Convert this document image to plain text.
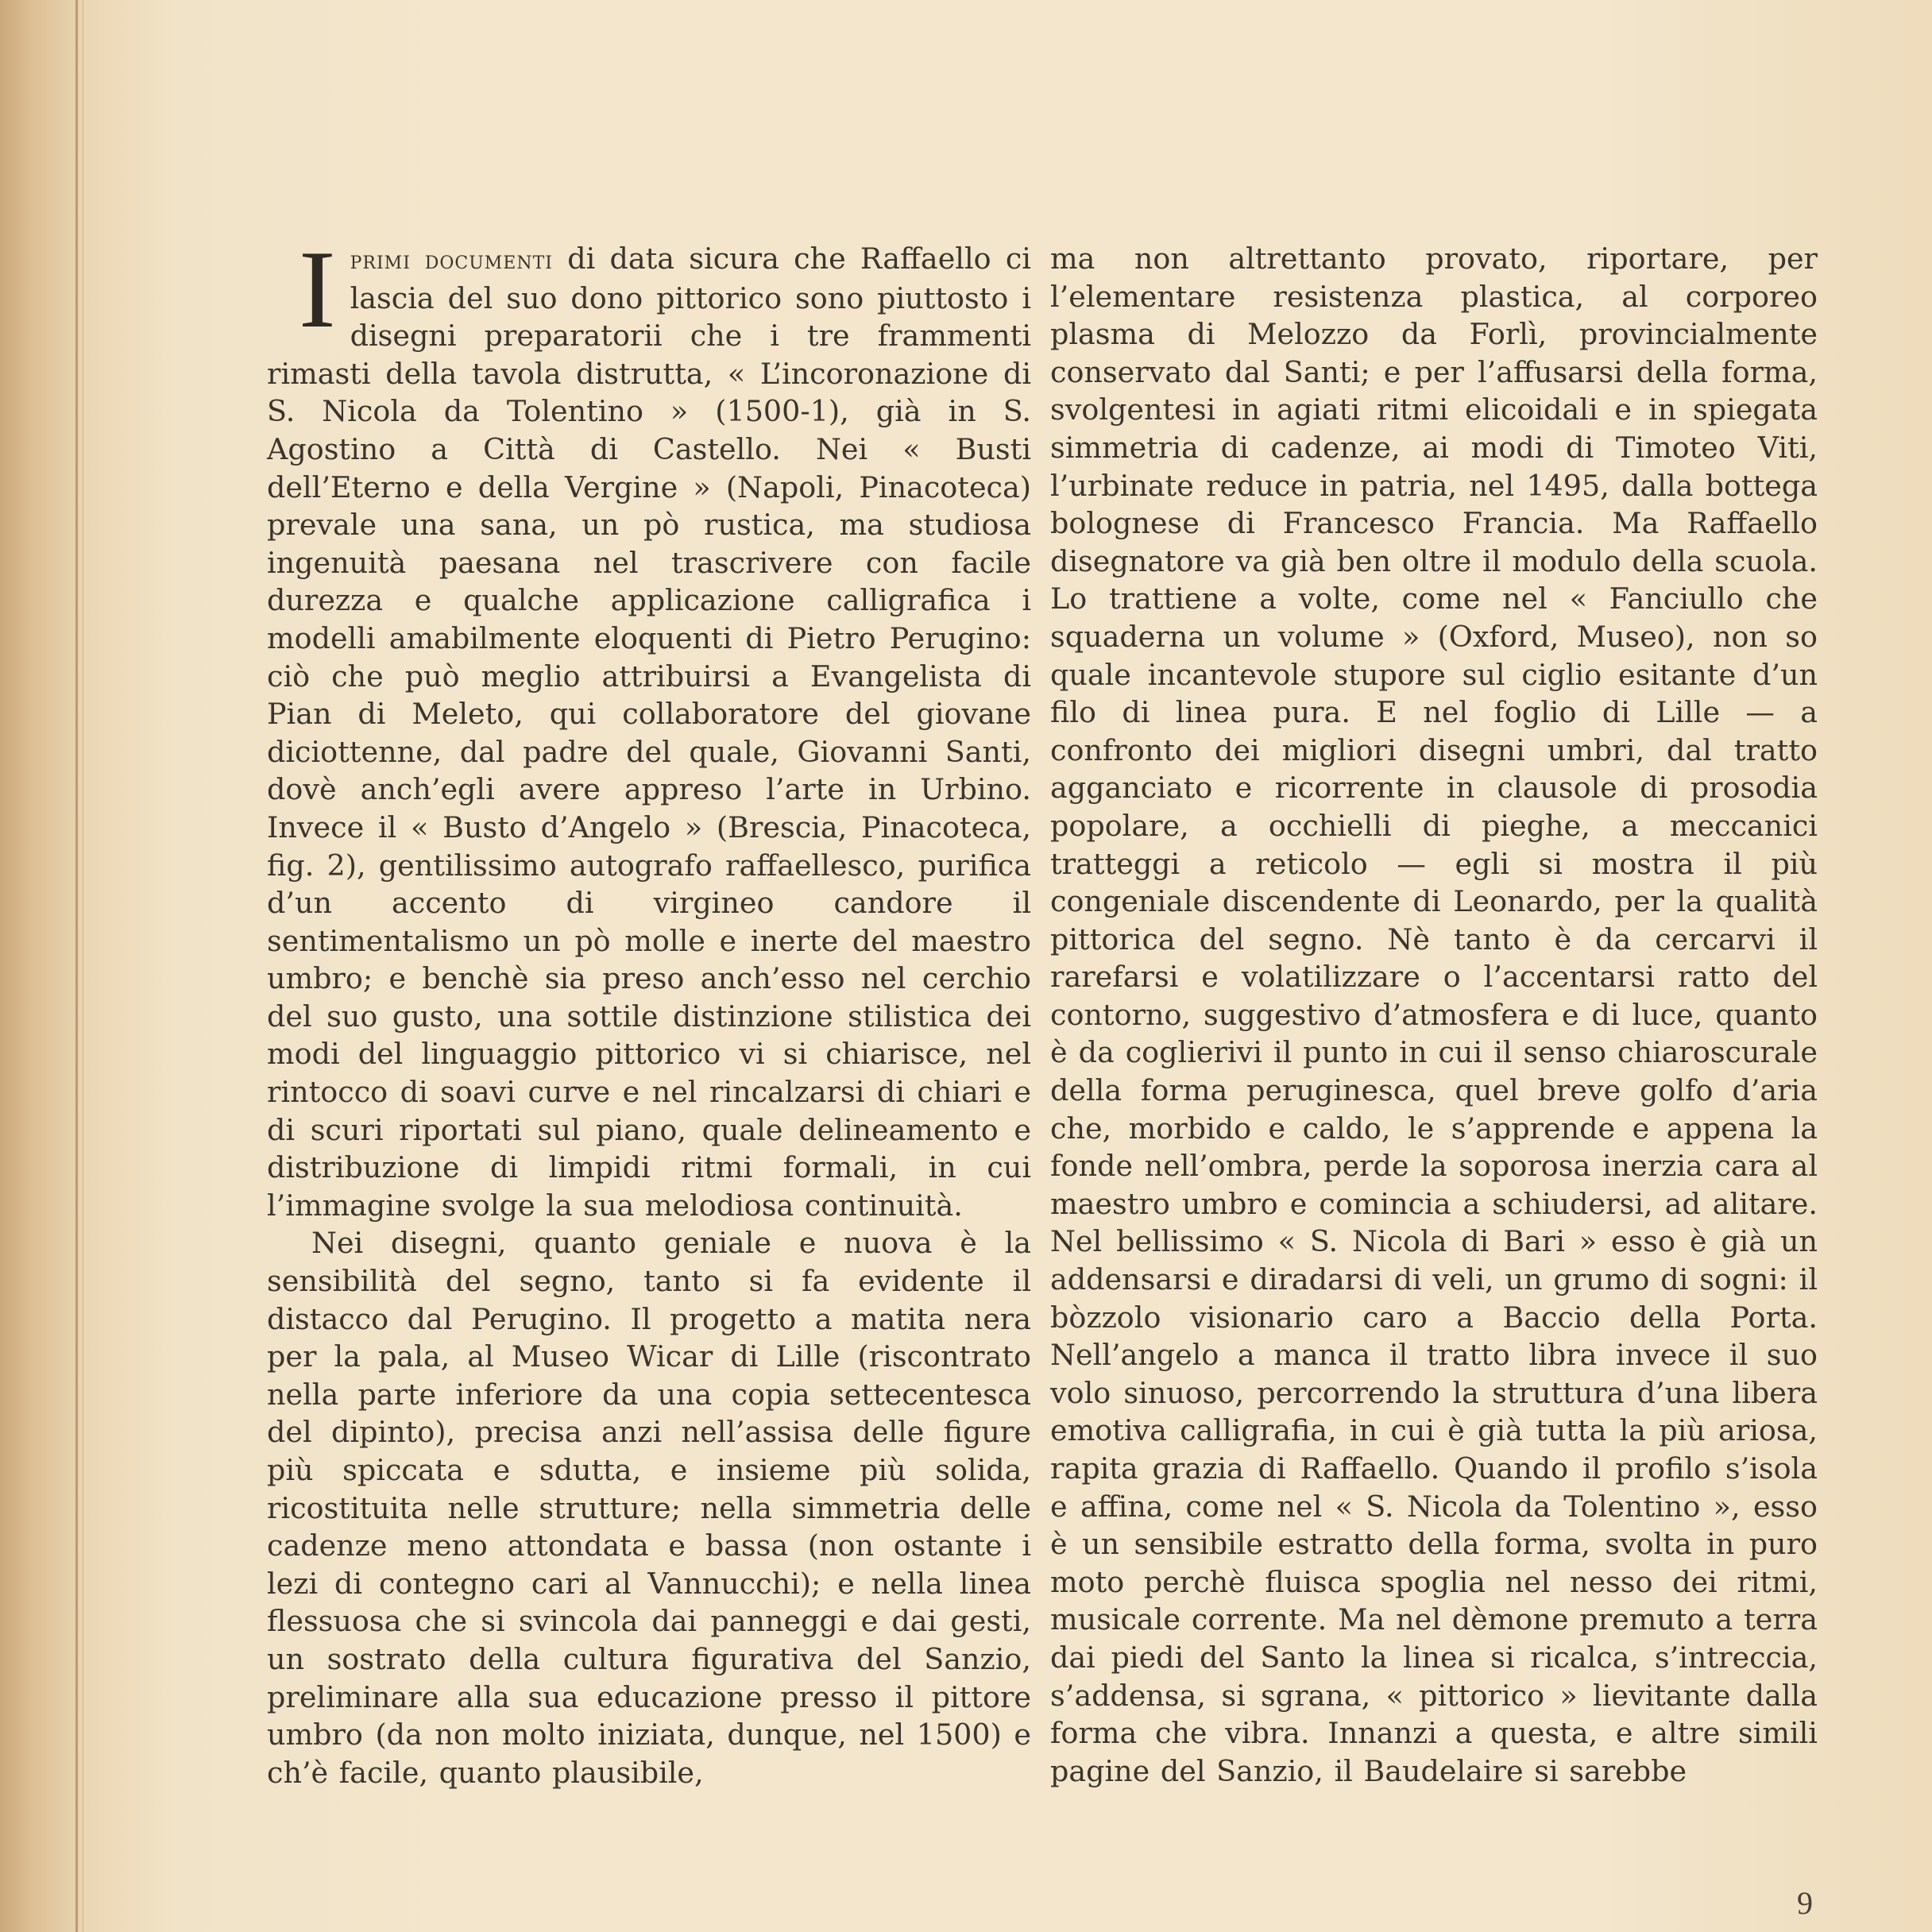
Iprimi documenti di data sicura che Raffaello ci lascia del suo dono pittorico sono piuttosto i disegni preparatorii che i tre frammenti rimasti della tavola distrutta, « L’incoronazione di S. Nicola da Tolentino » (1500-1), già in S. Agostino a Città di Castello. Nei « Busti dell’Eterno e della Vergine » (Napoli, Pinacoteca) prevale una sana, un pò rustica, ma studiosa ingenuità paesana nel trascrivere con facile durezza e qualche applicazione calligrafica i modelli amabilmente eloquenti di Pietro Perugino: ciò che può meglio attribuirsi a Evangelista di Pian di Meleto, qui collaboratore del giovane diciottenne, dal padre del quale, Giovanni Santi, dovè anch’egli avere appreso l’arte in Urbino. Invece il « Busto d’Angelo » (Brescia, Pinacoteca, fig. 2), gentilissimo autografo raffaellesco, purifica d’un accento di virgineo candore il sentimentalismo un pò molle e inerte del maestro umbro; e benchè sia preso anch’esso nel cerchio del suo gusto, una sottile distinzione stilistica dei modi del linguaggio pittorico vi si chiarisce, nel rintocco di soavi curve e nel rincalzarsi di chiari e di scuri riportati sul piano, quale delineamento e distribuzione di limpidi ritmi formali, in cui l’immagine svolge la sua melodiosa continuità.

Nei disegni, quanto geniale e nuova è la sensibilità del segno, tanto si fa evidente il distacco dal Perugino. Il progetto a matita nera per la pala, al Museo Wicar di Lille (riscontrato nella parte inferiore da una copia settecentesca del dipinto), precisa anzi nell’assisa delle figure più spiccata e sdutta, e insieme più solida, ricostituita nelle strutture; nella simmetria delle cadenze meno attondata e bassa (non ostante i lezi di contegno cari al Vannucchi); e nella linea flessuosa che si svincola dai panneggi e dai gesti, un sostrato della cultura figurativa del Sanzio, preliminare alla sua educazione presso il pittore umbro (da non molto iniziata, dunque, nel 1500) e ch’è facile, quanto plausibile,

ma non altrettanto provato, riportare, per l’elementare resistenza plastica, al corporeo plasma di Melozzo da Forlì, provincialmente conservato dal Santi; e per l’affusarsi della forma, svolgentesi in agiati ritmi elicoidali e in spiegata simmetria di cadenze, ai modi di Timoteo Viti, l’urbinate reduce in patria, nel 1495, dalla bottega bolognese di Francesco Francia. Ma Raffaello disegnatore va già ben oltre il modulo della scuola. Lo trattiene a volte, come nel « Fanciullo che squaderna un volume » (Oxford, Museo), non so quale incantevole stupore sul ciglio esitante d’un filo di linea pura. E nel foglio di Lille — a confronto dei migliori disegni umbri, dal tratto agganciato e ricorrente in clausole di prosodia popolare, a occhielli di pieghe, a meccanici tratteggi a reticolo — egli si mostra il più congeniale discendente di Leonardo, per la qualità pittorica del segno. Nè tanto è da cercarvi il rarefarsi e volatilizzare o l’accentarsi ratto del contorno, suggestivo d’atmosfera e di luce, quanto è da coglierivi il punto in cui il senso chiaroscurale della forma peruginesca, quel breve golfo d’aria che, morbido e caldo, le s’apprende e appena la fonde nell’ombra, perde la soporosa inerzia cara al maestro umbro e comincia a schiudersi, ad alitare. Nel bellissimo « S. Nicola di Bari » esso è già un addensarsi e diradarsi di veli, un grumo di sogni: il bòzzolo visionario caro a Baccio della Porta. Nell’angelo a manca il tratto libra invece il suo volo sinuoso, percorrendo la struttura d’una libera emotiva calligrafia, in cui è già tutta la più ariosa, rapita grazia di Raffaello. Quando il profilo s’isola e affina, come nel « S. Nicola da Tolentino », esso è un sensibile estratto della forma, svolta in puro moto perchè fluisca spoglia nel nesso dei ritmi, musicale corrente. Ma nel dèmone premuto a terra dai piedi del Santo la linea si ricalca, s’intreccia, s’addensa, si sgrana, « pittorico » lievitante dalla forma che vibra. Innanzi a questa, e altre simili pagine del Sanzio, il Baudelaire si sarebbe

9
